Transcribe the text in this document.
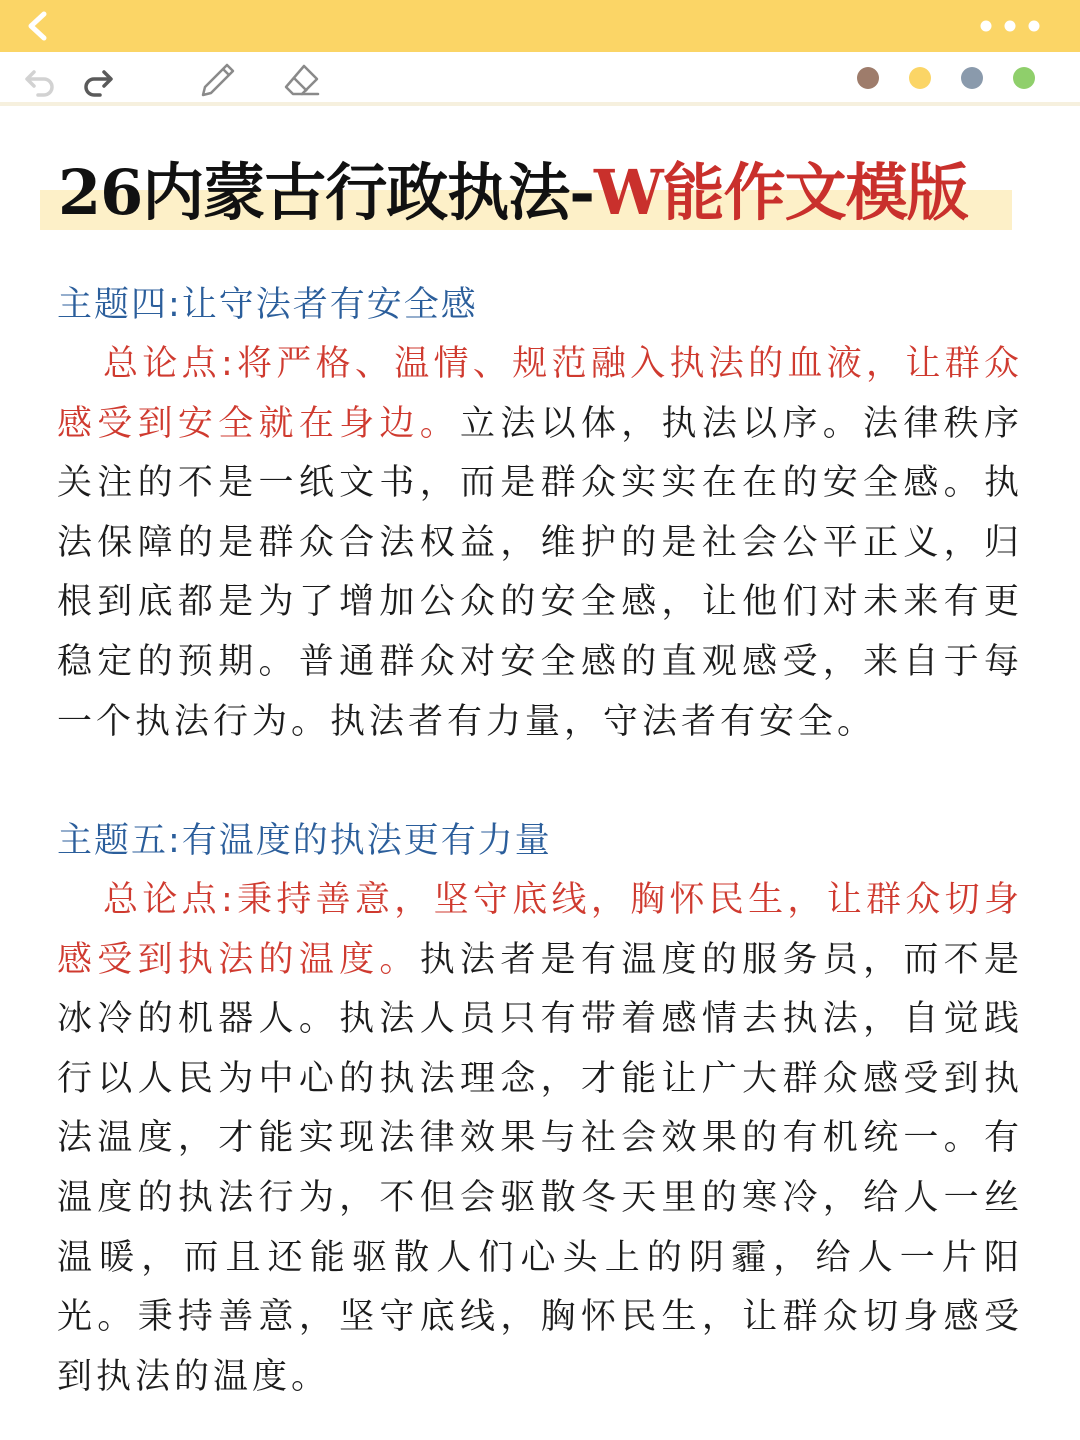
26内蒙古行政执法-W能作文模版
主题四:让守法者有安全感

总论点:将严格、温情、规范融入执法的血液，让群众感受到安全就在身边。立法以体，执法以序。法律秩序关注的不是一纸文书，而是群众实实在在的安全感。执法保障的是群众合法权益，维护的是社会公平正义，归根到底都是为了增加公众的安全感，让他们对未来有更稳定的预期。普通群众对安全感的直观感受，来自于每一个执法行为。执法者有力量，守法者有安全。

主题五:有温度的执法更有力量

总论点:秉持善意，坚守底线，胸怀民生，让群众切身感受到执法的温度。执法者是有温度的服务员，而不是冰冷的机器人。执法人员只有带着感情去执法，自觉践行以人民为中心的执法理念，才能让广大群众感受到执法温度，才能实现法律效果与社会效果的有机统一。有温度的执法行为，不但会驱散冬天里的寒冷，给人一丝温暖，而且还能驱散人们心头上的阴霾，给人一片阳光。秉持善意，坚守底线，胸怀民生，让群众切身感受到执法的温度。
